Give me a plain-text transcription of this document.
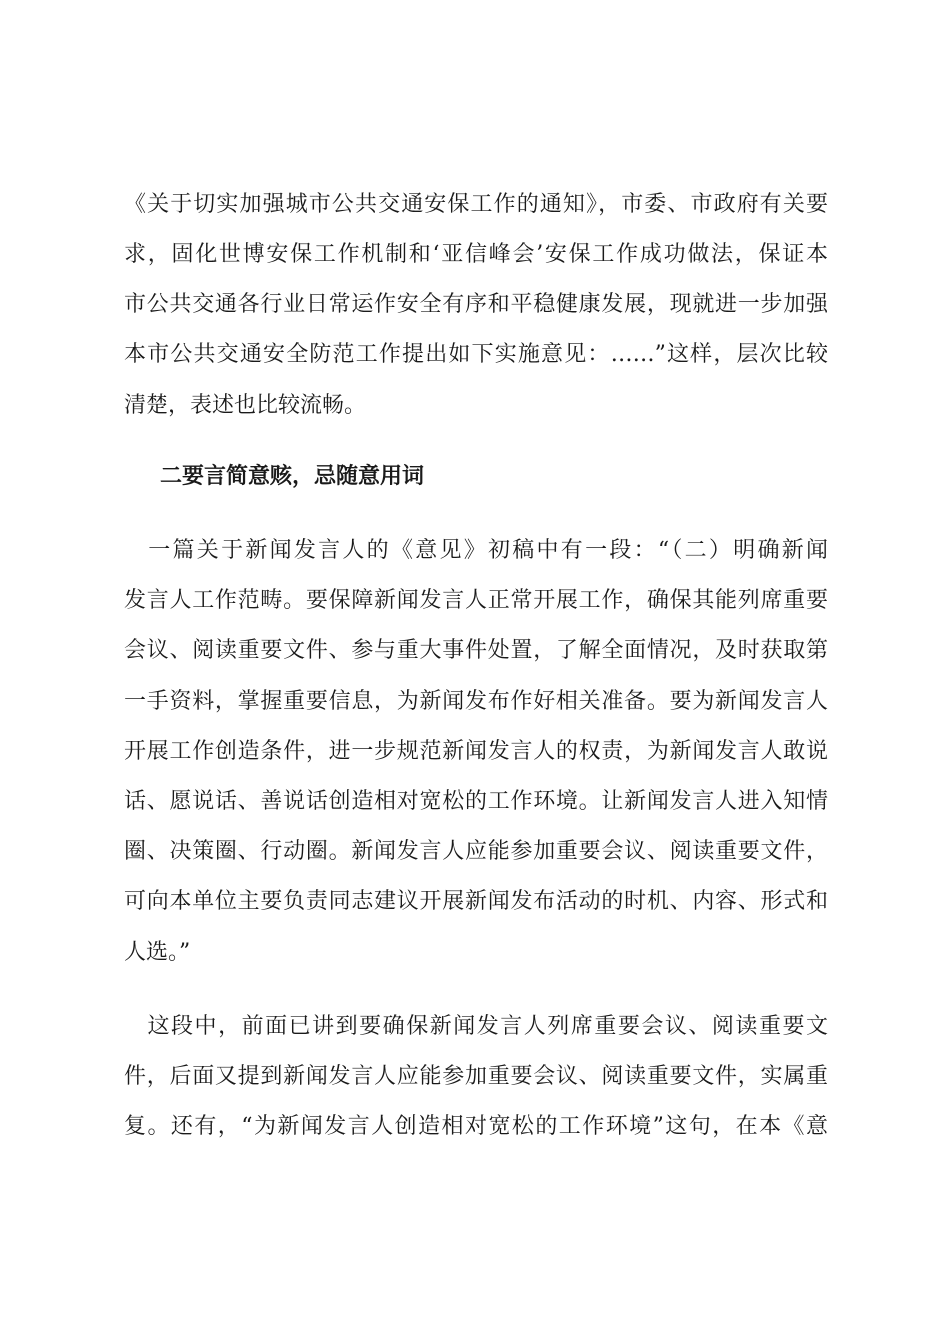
《关于切实加强城市公共交通安保工作的通知》，市委、市政府有关要
求，固化世博安保工作机制和‘亚信峰会’安保工作成功做法，保证本
市公共交通各行业日常运作安全有序和平稳健康发展，现就进一步加强
本市公共交通安全防范工作提出如下实施意见：……”这样，层次比较
清楚，表述也比较流畅。
二要言简意赅，忌随意用词
　一篇关于新闻发言人的《意见》初稿中有一段：“（二）明确新闻
发言人工作范畴。要保障新闻发言人正常开展工作，确保其能列席重要
会议、阅读重要文件、参与重大事件处置，了解全面情况，及时获取第
一手资料，掌握重要信息，为新闻发布作好相关准备。要为新闻发言人
开展工作创造条件，进一步规范新闻发言人的权责，为新闻发言人敢说
话、愿说话、善说话创造相对宽松的工作环境。让新闻发言人进入知情
圈、决策圈、行动圈。新闻发言人应能参加重要会议、阅读重要文件，
可向本单位主要负责同志建议开展新闻发布活动的时机、内容、形式和
人选。”
　这段中，前面已讲到要确保新闻发言人列席重要会议、阅读重要文
件，后面又提到新闻发言人应能参加重要会议、阅读重要文件，实属重
复。还有，“为新闻发言人创造相对宽松的工作环境”这句，在本《意
